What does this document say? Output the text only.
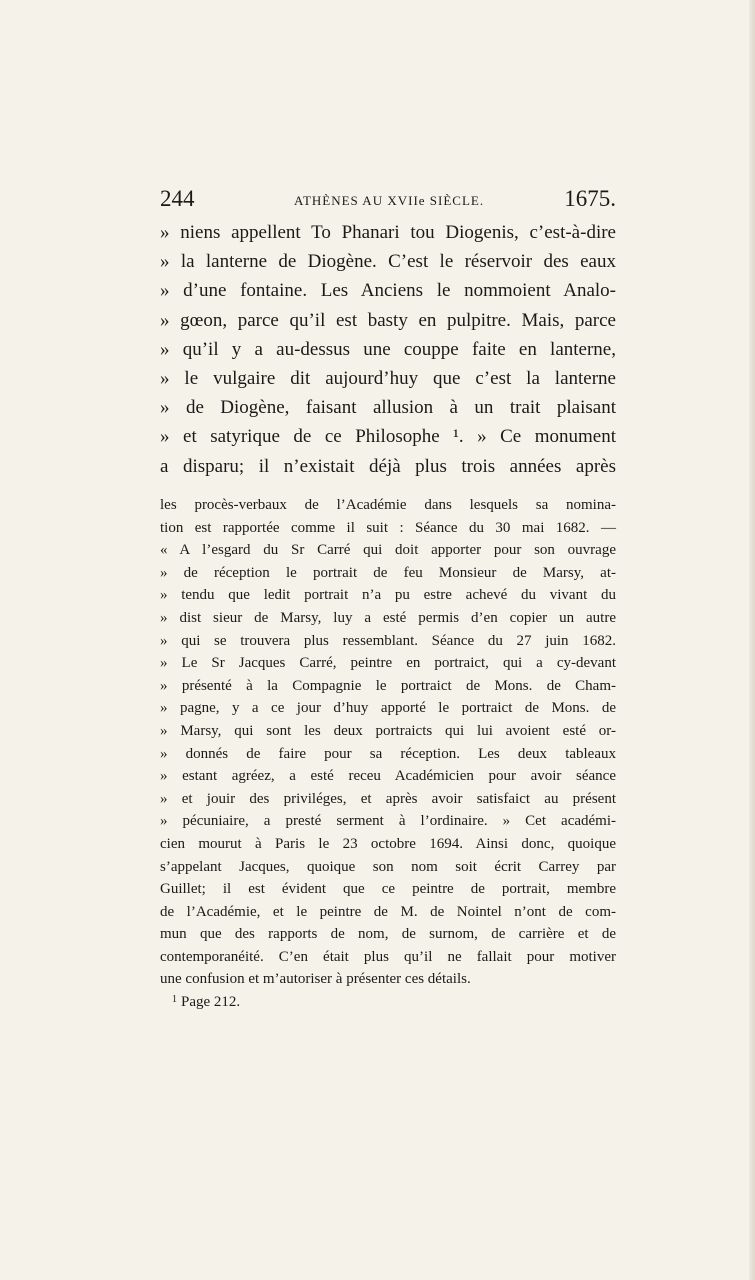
244	ATHÈNES AU XVIIe SIÈCLE.	1675.
» niens appellent To Phanari tou Diogenis, c’est-à-dire
» la lanterne de Diogène. C’est le réservoir des eaux
» d’une fontaine. Les Anciens le nommoient Analo-
» gœon, parce qu’il est basty en pulpitre. Mais, parce
» qu’il y a au-dessus une couppe faite en lanterne,
» le vulgaire dit aujourd’huy que c’est la lanterne
» de Diogène, faisant allusion à un trait plaisant
» et satyrique de ce Philosophe ¹. » Ce monument
a disparu; il n’existait déjà plus trois années après
les procès-verbaux de l’Académie dans lesquels sa nomina-
tion est rapportée comme il suit : Séance du 30 mai 1682. —
« A l’esgard du Sr Carré qui doit apporter pour son ouvrage
» de réception le portrait de feu Monsieur de Marsy, at-
» tendu que ledit portrait n’a pu estre achevé du vivant du
» dist sieur de Marsy, luy a esté permis d’en copier un autre
» qui se trouvera plus ressemblant. Séance du 27 juin 1682.
» Le Sr Jacques Carré, peintre en portraict, qui a cy-devant
» présenté à la Compagnie le portraict de Mons. de Cham-
» pagne, y a ce jour d’huy apporté le portraict de Mons. de
» Marsy, qui sont les deux portraicts qui lui avoient esté or-
» donnés de faire pour sa réception. Les deux tableaux
» estant agréez, a esté receu Académicien pour avoir séance
» et jouir des priviléges, et après avoir satisfaict au présent
» pécuniaire, a presté serment à l’ordinaire. » Cet académi-
cien mourut à Paris le 23 octobre 1694. Ainsi donc, quoique
s’appelant Jacques, quoique son nom soit écrit Carrey par
Guillet; il est évident que ce peintre de portrait, membre
de l’Académie, et le peintre de M. de Nointel n’ont de com-
mun que des rapports de nom, de surnom, de carrière et de
contemporanéité. C’en était plus qu’il ne fallait pour motiver
une confusion et m’autoriser à présenter ces détails.
$^1$ Page 212.
